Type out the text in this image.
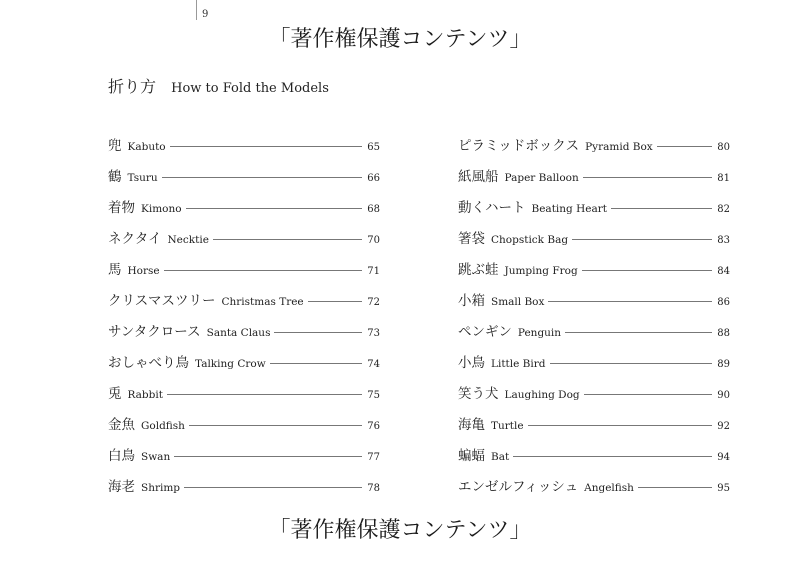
9
「著作権保護コンテンツ」
折り方 How to Fold the Models
兜 Kabuto	65
鶴 Tsuru	66
着物 Kimono	68
ネクタイ Necktie	70
馬 Horse	71
クリスマスツリー Christmas Tree	72
サンタクロース Santa Claus	73
おしゃべり鳥 Talking Crow	74
兎 Rabbit	75
金魚 Goldfish	76
白鳥 Swan	77
海老 Shrimp	78
ピラミッドボックス Pyramid Box	80
紙風船 Paper Balloon	81
動くハート Beating Heart	82
箸袋 Chopstick Bag	83
跳ぶ蛙 Jumping Frog	84
小箱 Small Box	86
ペンギン Penguin	88
小鳥 Little Bird	89
笑う犬 Laughing Dog	90
海亀 Turtle	92
蝙蝠 Bat	94
エンゼルフィッシュ Angelfish	95
「著作権保護コンテンツ」
